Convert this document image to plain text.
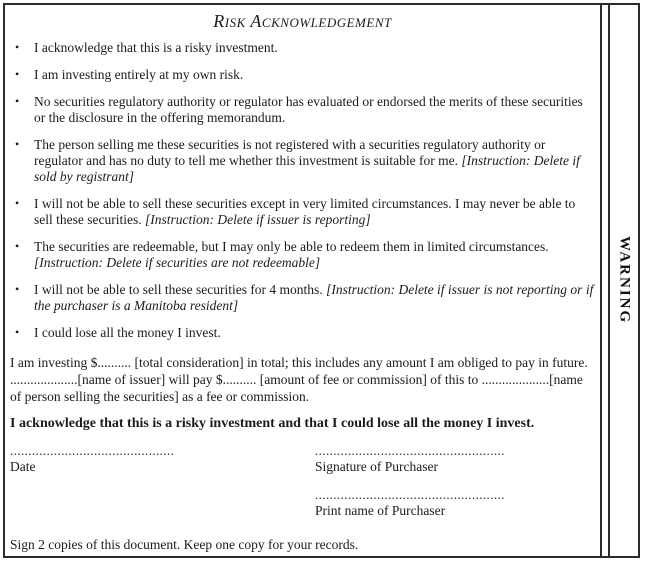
Risk Acknowledgement
• I acknowledge that this is a risky investment.
• I am investing entirely at my own risk.
• No securities regulatory authority or regulator has evaluated or endorsed the merits of these securities or the disclosure in the offering memorandum.
• The person selling me these securities is not registered with a securities regulatory authority or regulator and has no duty to tell me whether this investment is suitable for me. [Instruction: Delete if sold by registrant]
• I will not be able to sell these securities except in very limited circumstances. I may never be able to sell these securities. [Instruction: Delete if issuer is reporting]
• The securities are redeemable, but I may only be able to redeem them in limited circumstances. [Instruction: Delete if securities are not redeemable]
• I will not be able to sell these securities for 4 months. [Instruction: Delete if issuer is not reporting or if the purchaser is a Manitoba resident]
• I could lose all the money I invest.
I am investing $.......... [total consideration] in total; this includes any amount I am obliged to pay in future. ....................[name of issuer] will pay $.......... [amount of fee or commission] of this to ....................[name of person selling the securities] as a fee or commission.
I acknowledge that this is a risky investment and that I could lose all the money I invest.
.............................................
Date
....................................................
Signature of Purchaser
....................................................
Print name of Purchaser
Sign 2 copies of this document. Keep one copy for your records.
WARNING
